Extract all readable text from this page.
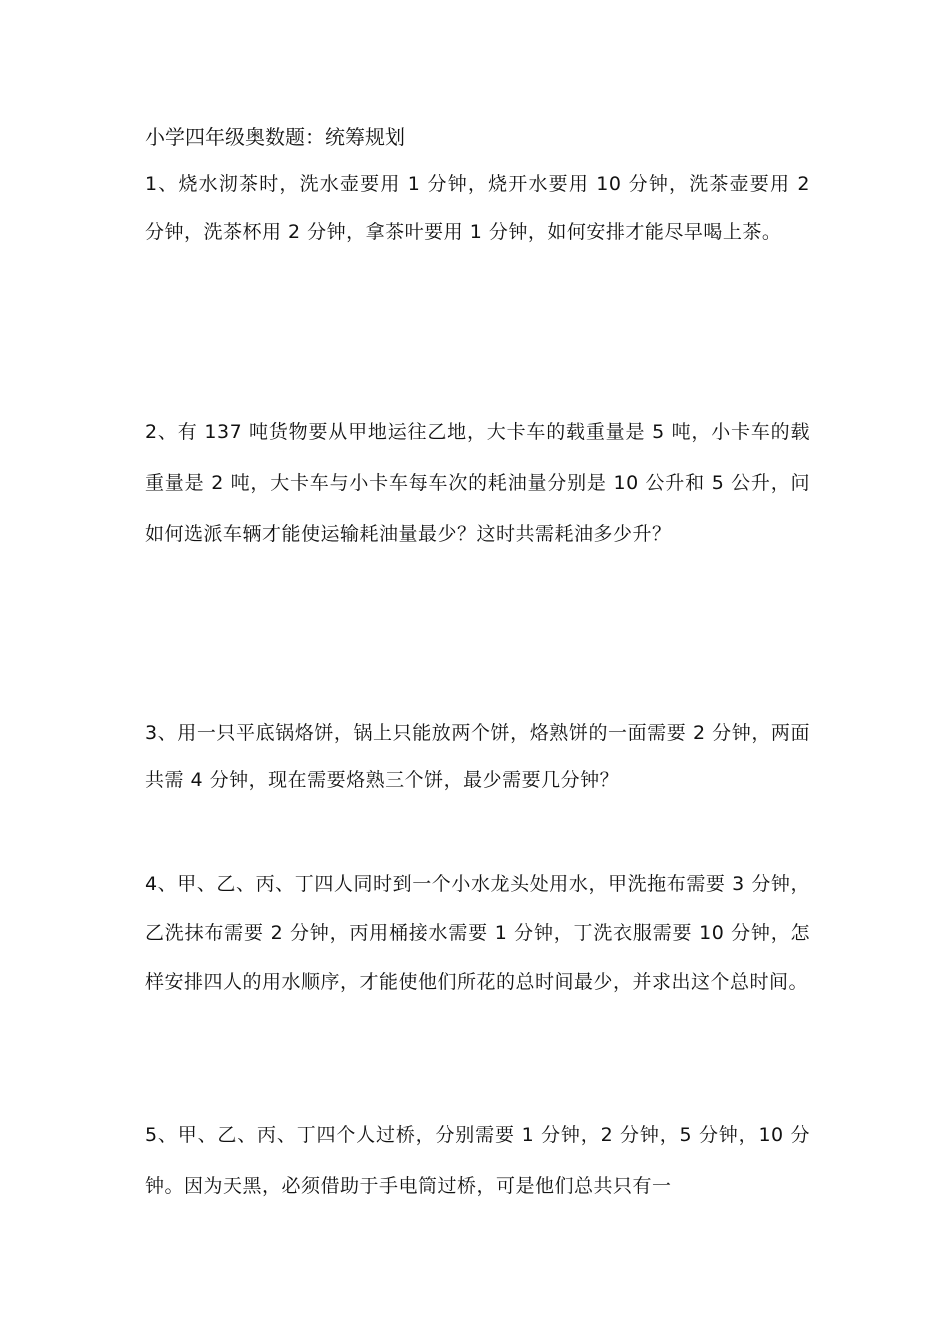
小学四年级奥数题：统筹规划
1、烧水沏茶时，洗水壶要用 1 分钟，烧开水要用 10 分钟，洗茶壶要用 2 分钟，洗茶杯用 2 分钟，拿茶叶要用 1 分钟，如何安排才能尽早喝上茶。
2、有 137 吨货物要从甲地运往乙地，大卡车的载重量是 5 吨，小卡车的载重量是 2 吨，大卡车与小卡车每车次的耗油量分别是 10 公升和 5 公升，问如何选派车辆才能使运输耗油量最少？这时共需耗油多少升？
3、用一只平底锅烙饼，锅上只能放两个饼，烙熟饼的一面需要 2 分钟，两面共需 4 分钟，现在需要烙熟三个饼，最少需要几分钟？
4、甲、乙、丙、丁四人同时到一个小水龙头处用水，甲洗拖布需要 3 分钟，乙洗抹布需要 2 分钟，丙用桶接水需要 1 分钟，丁洗衣服需要 10 分钟，怎样安排四人的用水顺序，才能使他们所花的总时间最少，并求出这个总时间。
5、甲、乙、丙、丁四个人过桥，分别需要 1 分钟，2 分钟，5 分钟，10 分钟。因为天黑，必须借助于手电筒过桥，可是他们总共只有一
